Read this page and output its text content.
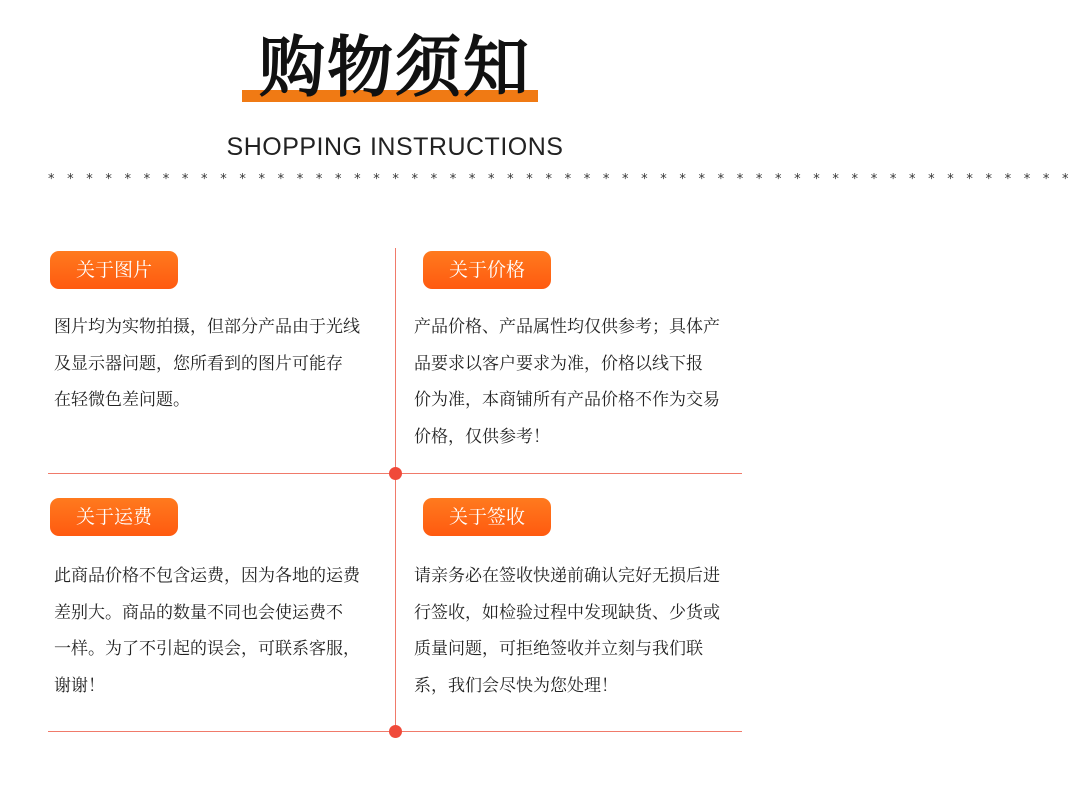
购物须知
SHOPPING INSTRUCTIONS
* * * * * * * * * * * * * * * * * * * * * * * * * * * * * * * * * * * * * * * * * * * * * * * * * * * * * *
关于图片
图片均为实物拍摄，但部分产品由于光线
及显示器问题，您所看到的图片可能存
在轻微色差问题。
关于价格
产品价格、产品属性均仅供参考；具体产
品要求以客户要求为准，价格以线下报
价为准，本商铺所有产品价格不作为交易
价格，仅供参考！
关于运费
此商品价格不包含运费，因为各地的运费
差别大。商品的数量不同也会使运费不
一样。为了不引起的误会，可联系客服，
谢谢！
关于签收
请亲务必在签收快递前确认完好无损后进
行签收，如检验过程中发现缺货、少货或
质量问题，可拒绝签收并立刻与我们联
系，我们会尽快为您处理！
